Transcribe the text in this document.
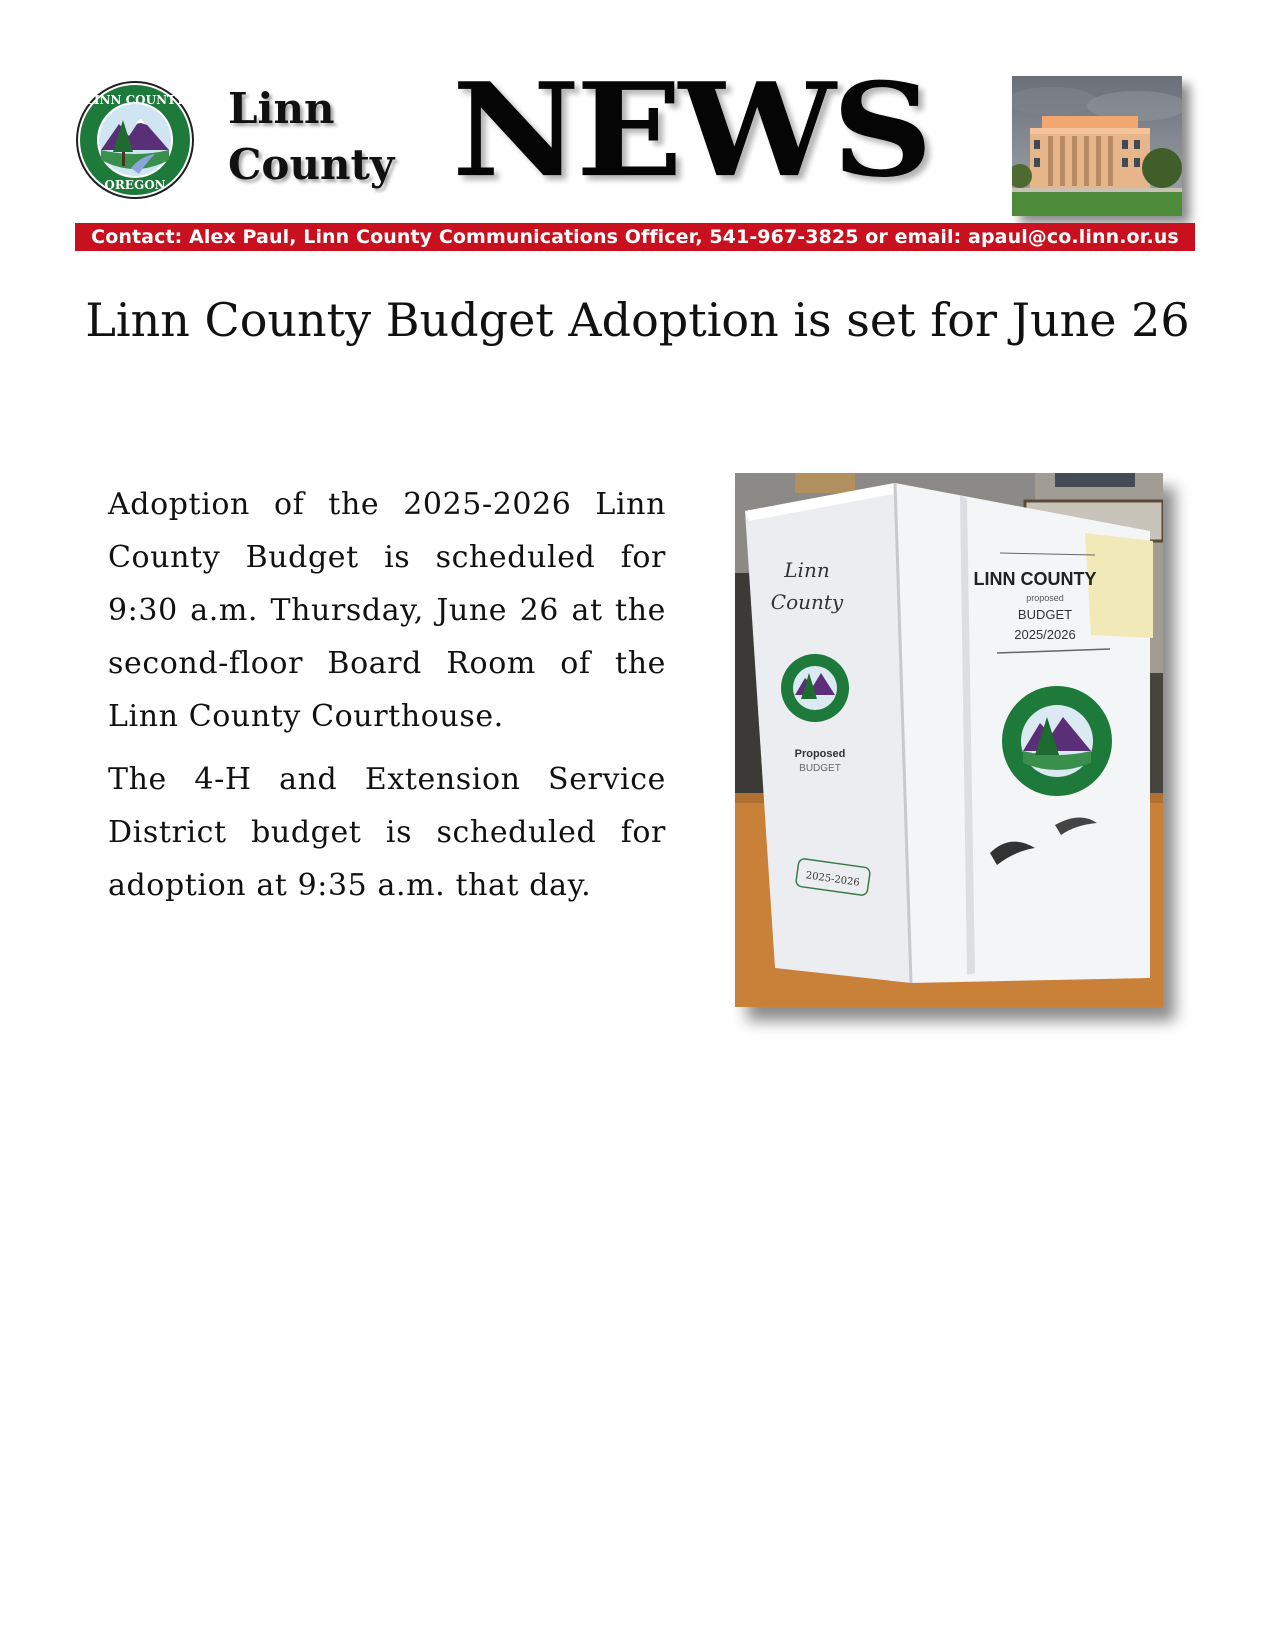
LINN COUNTY
OREGON
Linn
County NEWS
Contact: Alex Paul, Linn County Communications Officer, 541-967-3825 or email: apaul@co.linn.or.us
Linn County Budget Adoption is set for June 26

Adoption of the 2025-2026 Linn County Budget is scheduled for 9:30 a.m. Thursday, June 26 at the second-floor Board Room of the Linn County Courthouse.

The 4-H and Extension Service District budget is scheduled for adoption at 9:35 a.m. that day.

LINN COUNTY
proposed
BUDGET
2025/2026
Linn
County
Proposed
BUDGET
2025-2026
